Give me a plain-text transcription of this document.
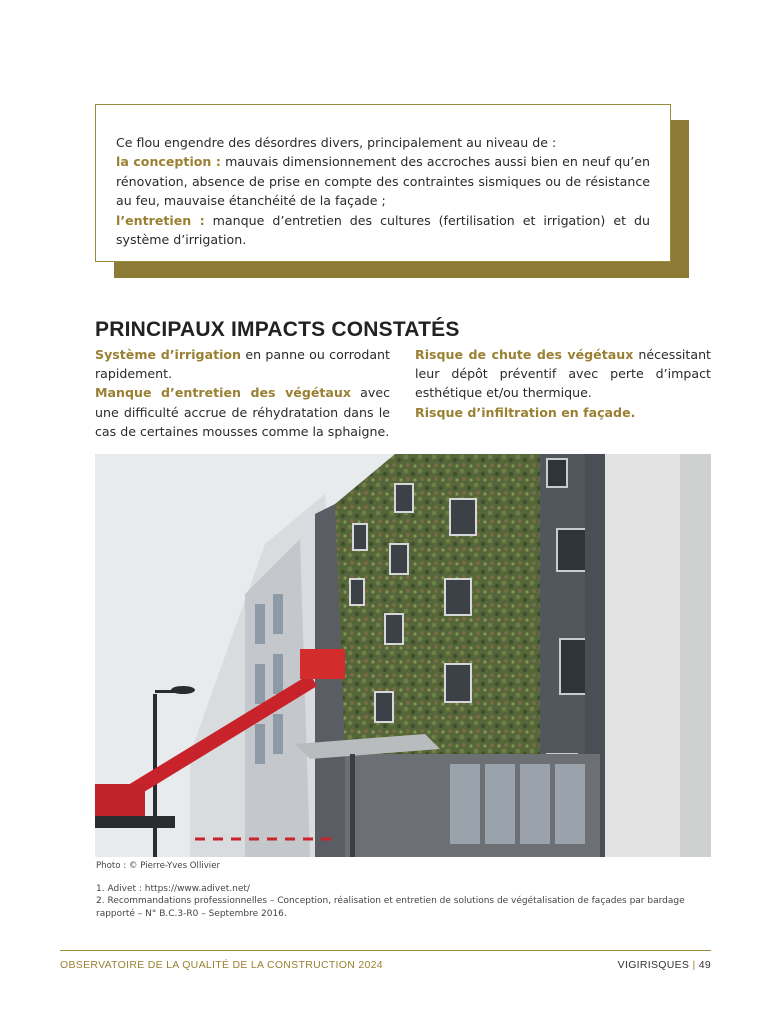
Ce flou engendre des désordres divers, principalement au niveau de :

la conception : mauvais dimensionnement des accroches aussi bien en neuf qu’en rénovation, absence de prise en compte des contraintes sismiques ou de résistance au feu, mauvaise étanchéité de la façade ;

l’entretien : manque d’entretien des cultures (fertilisation et irrigation) et du système d’irrigation.

PRINCIPAUX IMPACTS CONSTATÉS

Système d’irrigation en panne ou corrodant rapidement.

Manque d’entretien des végétaux avec une difficulté accrue de réhydratation dans le cas de certaines mousses comme la sphaigne.

Risque de chute des végétaux nécessitant leur dépôt préventif avec perte d’impact esthétique et/ou thermique.

Risque d’infiltration en façade.

Photo : © Pierre-Yves Ollivier

1. Adivet : https://www.adivet.net/

2. Recommandations professionnelles – Conception, réalisation et entretien de solutions de végétalisation de façades par bardage rapporté – N° B.C.3-R0 – Septembre 2016.

OBSERVATOIRE DE LA QUALITÉ DE LA CONSTRUCTION 2024	VIGIRISQUES | 49
